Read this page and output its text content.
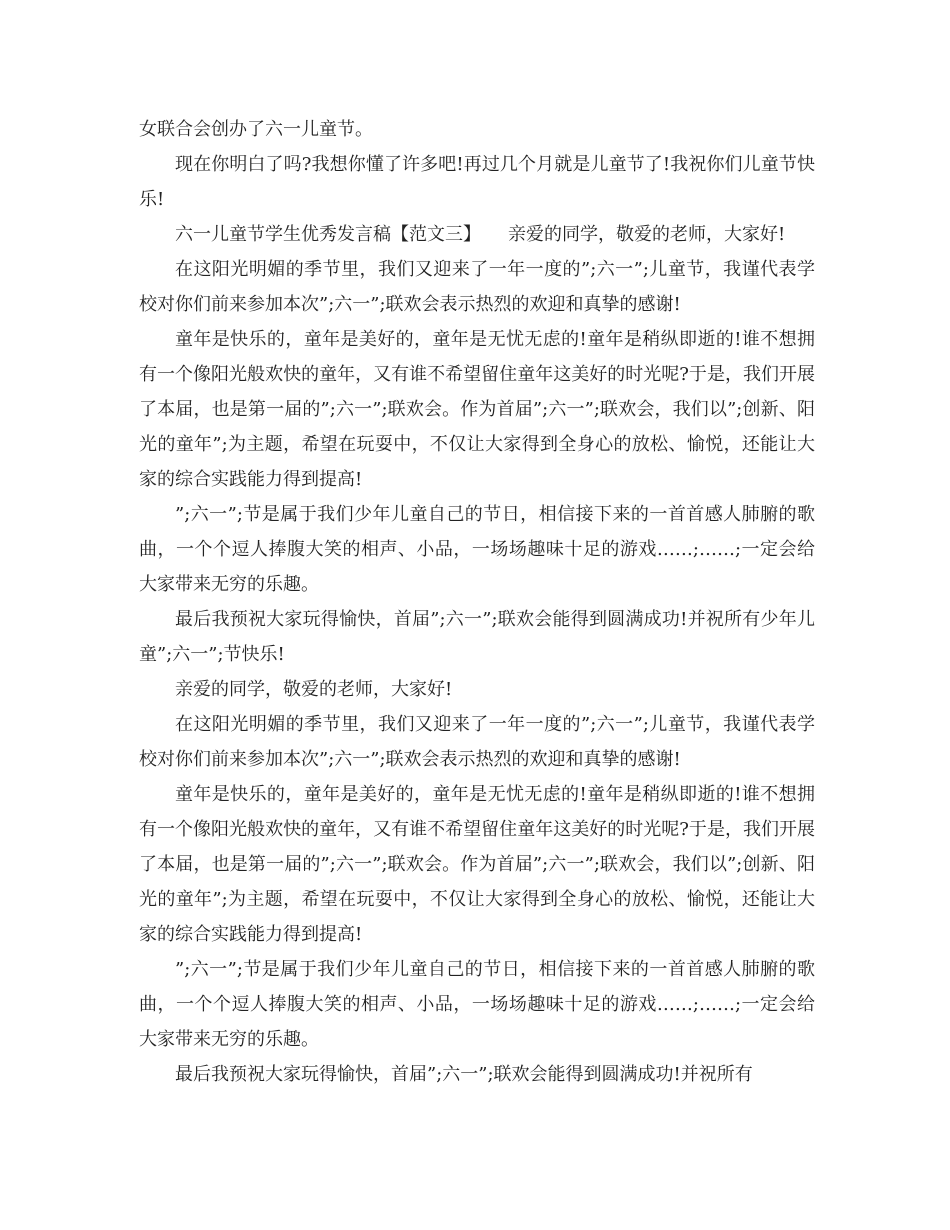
女联合会创办了六一儿童节。

现在你明白了吗?我想你懂了许多吧!再过几个月就是儿童节了!我祝你们儿童节快乐!

六一儿童节学生优秀发言稿【范文三】　　亲爱的同学，敬爱的老师，大家好!

在这阳光明媚的季节里，我们又迎来了一年一度的”;六一”;儿童节，我谨代表学校对你们前来参加本次”;六一”;联欢会表示热烈的欢迎和真挚的感谢!

童年是快乐的，童年是美好的，童年是无忧无虑的!童年是稍纵即逝的!谁不想拥有一个像阳光般欢快的童年，又有谁不希望留住童年这美好的时光呢?于是，我们开展了本届，也是第一届的”;六一”;联欢会。作为首届”;六一”;联欢会，我们以”;创新、阳光的童年”;为主题，希望在玩耍中，不仅让大家得到全身心的放松、愉悦，还能让大家的综合实践能力得到提高!

”;六一”;节是属于我们少年儿童自己的节日，相信接下来的一首首感人肺腑的歌曲，一个个逗人捧腹大笑的相声、小品，一场场趣味十足的游戏……;……;一定会给大家带来无穷的乐趣。

最后我预祝大家玩得愉快，首届”;六一”;联欢会能得到圆满成功!并祝所有少年儿童”;六一”;节快乐!

亲爱的同学，敬爱的老师，大家好!

在这阳光明媚的季节里，我们又迎来了一年一度的”;六一”;儿童节，我谨代表学校对你们前来参加本次”;六一”;联欢会表示热烈的欢迎和真挚的感谢!

童年是快乐的，童年是美好的，童年是无忧无虑的!童年是稍纵即逝的!谁不想拥有一个像阳光般欢快的童年，又有谁不希望留住童年这美好的时光呢?于是，我们开展了本届，也是第一届的”;六一”;联欢会。作为首届”;六一”;联欢会，我们以”;创新、阳光的童年”;为主题，希望在玩耍中，不仅让大家得到全身心的放松、愉悦，还能让大家的综合实践能力得到提高!

”;六一”;节是属于我们少年儿童自己的节日，相信接下来的一首首感人肺腑的歌曲，一个个逗人捧腹大笑的相声、小品，一场场趣味十足的游戏……;……;一定会给大家带来无穷的乐趣。

最后我预祝大家玩得愉快，首届”;六一”;联欢会能得到圆满成功!并祝所有
